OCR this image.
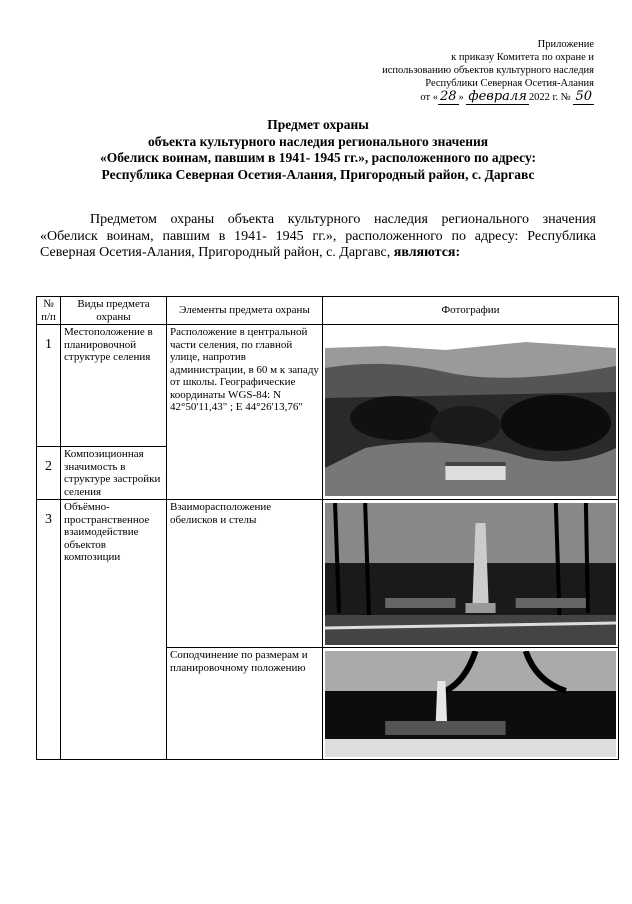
Приложение
к приказу Комитета по охране и
использованию объектов культурного наследия
Республики Северная Осетия-Алания
от « 28 » февраля 2022 г. № 50
Предмет охраны
объекта культурного наследия регионального значения
«Обелиск воинам, павшим в 1941- 1945 гг.», расположенного по адресу:
Республика Северная Осетия-Алания, Пригородный район, с. Даргавс
Предметом охраны объекта культурного наследия регионального значения «Обелиск воинам, павшим в 1941- 1945 гг.», расположенного по адресу: Республика Северная Осетия-Алания, Пригородный район, с. Даргавс, являются:
№ п/п	Виды предмета охраны	Элементы предмета охраны	Фотографии
1	Местоположение в планировочной структуре селения	Расположение в центральной части селения, по главной улице, напротив администрации, в 60 м к западу от школы. Географические координаты WGS-84: N 42°50'11,43" ; E 44°26'13,76"	

2	Композиционная значимость в структуре застройки селения		
3	Объёмно-пространственное взаимодействие объектов композиции	Взаиморасположение обелисков и стелы	

		Соподчинение по размерам и планировочному положению	
